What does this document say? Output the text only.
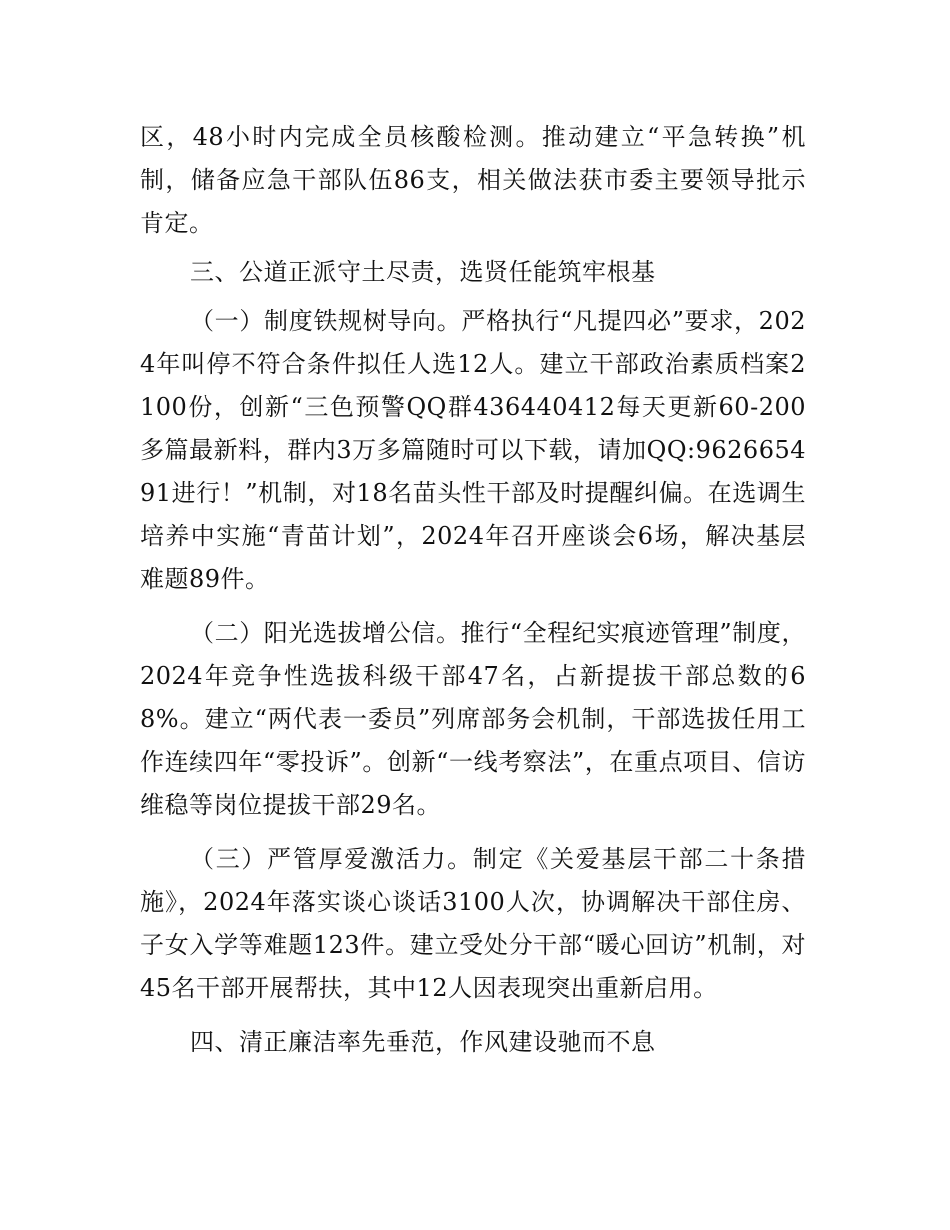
区，48小时内完成全员核酸检测。推动建立“平急转换”机制，储备应急干部队伍86支，相关做法获市委主要领导批示肯定。

三、公道正派守土尽责，选贤任能筑牢根基

（一）制度铁规树导向。严格执行“凡提四必”要求，2024年叫停不符合条件拟任人选12人。建立干部政治素质档案2100份，创新“三色预警QQ群436440412每天更新60-200多篇最新料，群内3万多篇随时可以下载，请加QQ:962665491进行！”机制，对18名苗头性干部及时提醒纠偏。在选调生培养中实施“青苗计划”，2024年召开座谈会6场，解决基层难题89件。

（二）阳光选拔增公信。推行“全程纪实痕迹管理”制度，2024年竞争性选拔科级干部47名，占新提拔干部总数的68%。建立“两代表一委员”列席部务会机制，干部选拔任用工作连续四年“零投诉”。创新“一线考察法”，在重点项目、信访维稳等岗位提拔干部29名。

（三）严管厚爱激活力。制定《关爱基层干部二十条措施》，2024年落实谈心谈话3100人次，协调解决干部住房、子女入学等难题123件。建立受处分干部“暖心回访”机制，对45名干部开展帮扶，其中12人因表现突出重新启用。

四、清正廉洁率先垂范，作风建设驰而不息
